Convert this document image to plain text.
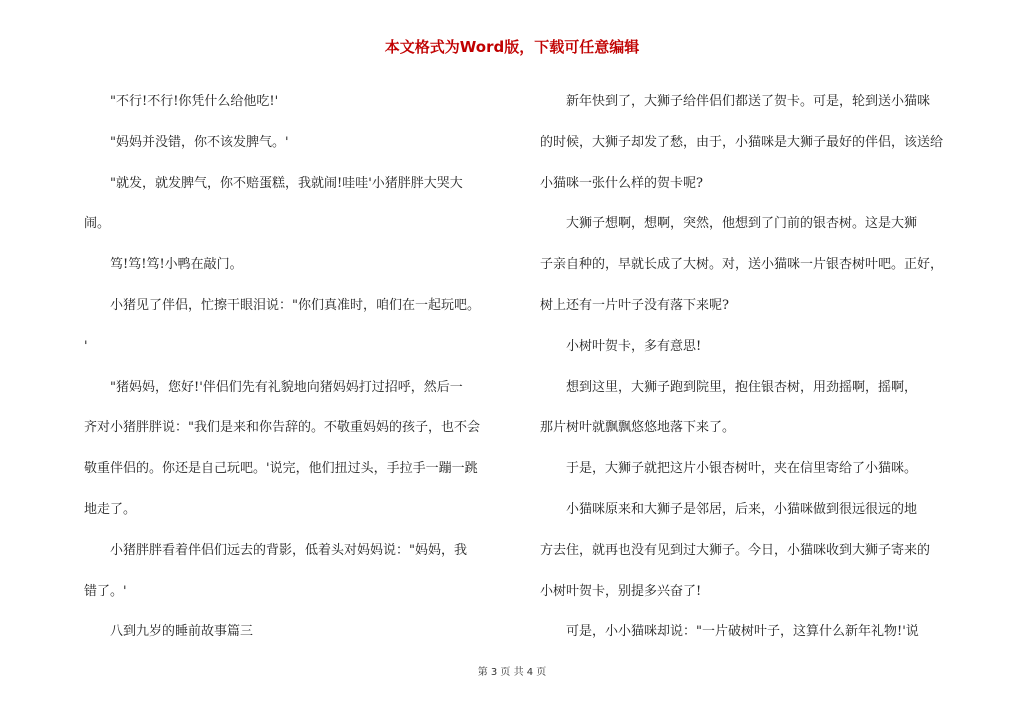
本文格式为Word版，下载可任意编辑

　　"不行!不行!你凭什么给他吃!'

　　"妈妈并没错，你不该发脾气。'

　　"就发，就发脾气，你不赔蛋糕，我就闹!哇哇'小猪胖胖大哭大

闹。

　　笃!笃!笃!小鸭在敲门。

　　小猪见了伴侣，忙擦干眼泪说："你们真准时，咱们在一起玩吧。

'

　　"猪妈妈，您好!'伴侣们先有礼貌地向猪妈妈打过招呼，然后一

齐对小猪胖胖说："我们是来和你告辞的。不敬重妈妈的孩子，也不会

敬重伴侣的。你还是自己玩吧。'说完，他们扭过头，手拉手一蹦一跳

地走了。

　　小猪胖胖看着伴侣们远去的背影，低着头对妈妈说："妈妈，我

错了。'

　　八到九岁的睡前故事篇三

　　新年快到了，大狮子给伴侣们都送了贺卡。可是，轮到送小猫咪

的时候，大狮子却发了愁，由于，小猫咪是大狮子最好的伴侣，该送给

小猫咪一张什么样的贺卡呢?

　　大狮子想啊，想啊，突然，他想到了门前的银杏树。这是大狮

子亲自种的，早就长成了大树。对，送小猫咪一片银杏树叶吧。正好，

树上还有一片叶子没有落下来呢?

　　小树叶贺卡，多有意思!

　　想到这里，大狮子跑到院里，抱住银杏树，用劲摇啊，摇啊，

那片树叶就飘飘悠悠地落下来了。

　　于是，大狮子就把这片小银杏树叶，夹在信里寄给了小猫咪。

　　小猫咪原来和大狮子是邻居，后来，小猫咪做到很远很远的地

方去住，就再也没有见到过大狮子。今日，小猫咪收到大狮子寄来的

小树叶贺卡，别提多兴奋了!

　　可是，小小猫咪却说："一片破树叶子，这算什么新年礼物!'说

第 3 页 共 4 页
